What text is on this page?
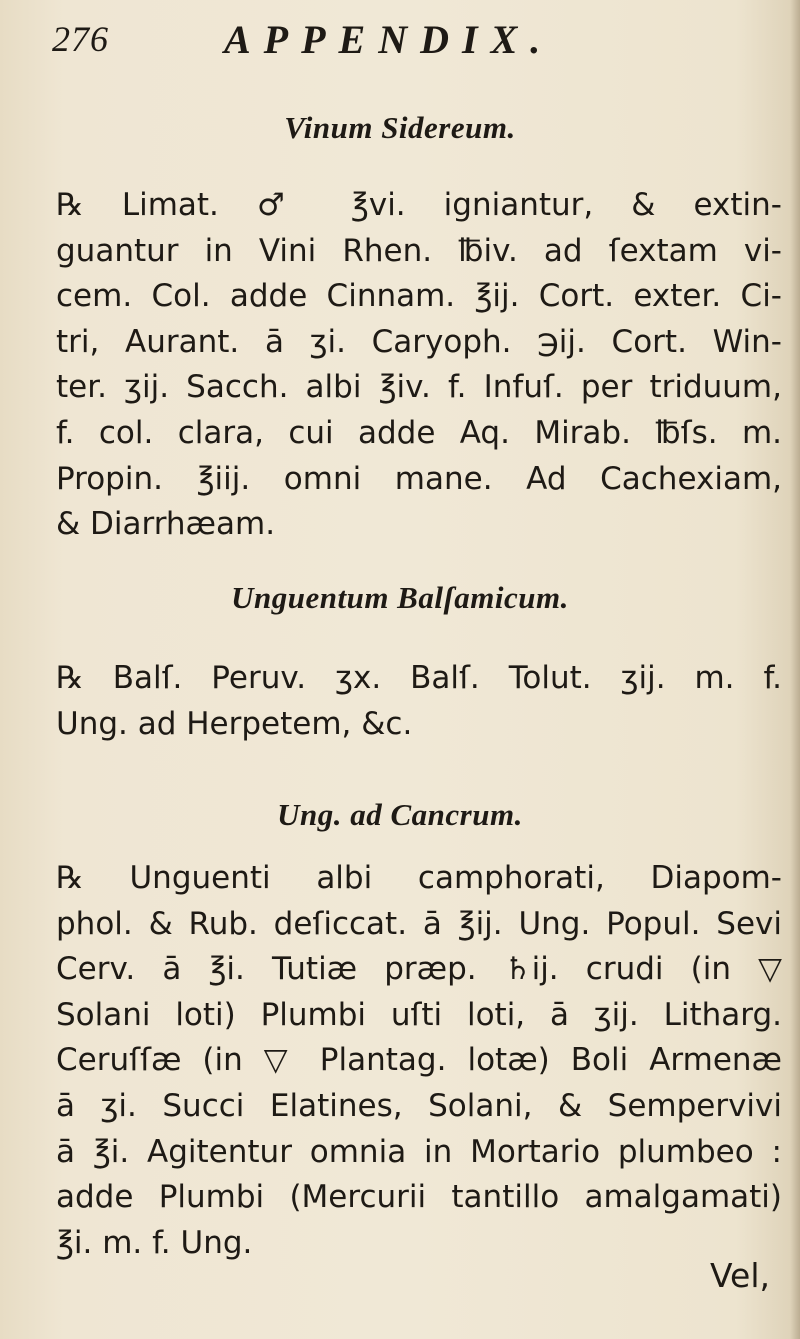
276	APPENDIX.
Vinum Sidereum.
℞ Limat. ♂ ℥vi. igniantur, & extin-
guantur in Vini Rhen. ℔iv. ad ſextam vi-
cem. Col. adde Cinnam. ℥ij. Cort. exter. Ci-
tri, Aurant. ā ʒi. Caryoph. ℈ij. Cort. Win-
ter. ʒij. Sacch. albi ℥iv. f. Infuſ. per triduum,
f. col. clara, cui adde Aq. Mirab. ℔ſs. m.
Propin. ℥iij. omni mane. Ad Cachexiam,
& Diarrhæam.
Unguentum Balſamicum.
℞ Balſ. Peruv. ʒx. Balſ. Tolut. ʒij. m. f.
Ung. ad Herpetem, &c.
Ung. ad Cancrum.
℞ Unguenti albi camphorati, Diapom-
phol. & Rub. deſiccat. ā ℥ij. Ung. Popul. Sevi
Cerv. ā ℥i. Tutiæ præp. ♄ij. crudi (in ▽
Solani loti) Plumbi uſti loti, ā ʒij. Litharg.
Ceruſſæ (in ▽ Plantag. lotæ) Boli Armenæ
ā ʒi. Succi Elatines, Solani, & Sempervivi
ā ℥i. Agitentur omnia in Mortario plumbeo :
adde Plumbi (Mercurii tantillo amalgamati)
℥i. m. f. Ung.
Vel,
